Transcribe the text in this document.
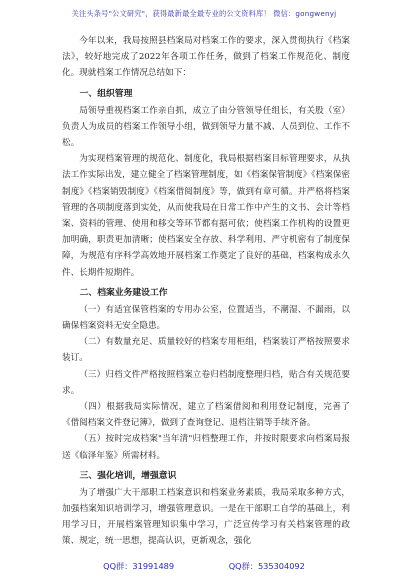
关注头条号"公文研究"，获得最新最全最专业的公文资料库！ 微信：gongwenyj

今年以来，我局按照县档案局对档案工作的要求，深入贯彻执行《档案法》，较好地完成了2022年各项工作任务，做到了档案工作规范化、制度化。现就档案工作情况总结如下：

一、组织管理

局领导重视档案工作亲自抓，成立了由分管领导任组长，有关股（室）负责人为成员的档案工作领导小组，做到领导力量不减、人员到位、工作不松。

为实现档案管理的规范化、制度化，我局根据档案目标管理要求，从执法工作实际出发，建立健全了档案管理制度，如《档案保管制度》《档案保密制度》《档案销毁制度》《档案借阅制度》等，做到有章可循。并严格将档案管理的各项制度落到实处，从而使我局在日常工作中产生的文书、会计等档案、资料的管理、使用和移交等环节都有据可依；使档案工作机构的设置更加明确，职责更加清晰；使档案安全存放、科学利用、严守机密有了制度保障，为规范有序科学高效地开展档案工作奠定了良好的基础，档案构成永久件、长期件短期件。

二、档案业务建设工作

（一）有适宜保管档案的专用办公室，位置适当，不潮湿、不漏雨，以确保档案资料无安全隐患。

（二）有数量充足、质量较好的档案专用柜组，档案装订严格按照要求装订。

（三）归档文件严格按照档案立卷归档制度整理归档，贴合有关规范要求。

（四）根据我局实际情况，建立了档案借阅和利用登记制度，完善了《借阅档案文件登记簿》，做到了查询登记、退档注销等手续齐备。

（五）按时完成档案"当年清"归档整理工作，并按时限要求向档案局报送《临泽年鉴》所需材料。

三、强化培训，增强意识

为了增强广大干部职工档案意识和档案业务素质，我局采取多种方式，加强档案知识培训学习，增强管理意识。一是在干部职工自学的基础上，利用学习日，开展档案管理知识集中学习，广泛宣传学习有关档案管理的政策、规定，统一思想，提高认识，更新观念，强化

QQ群：31991489	QQ群：535304092
